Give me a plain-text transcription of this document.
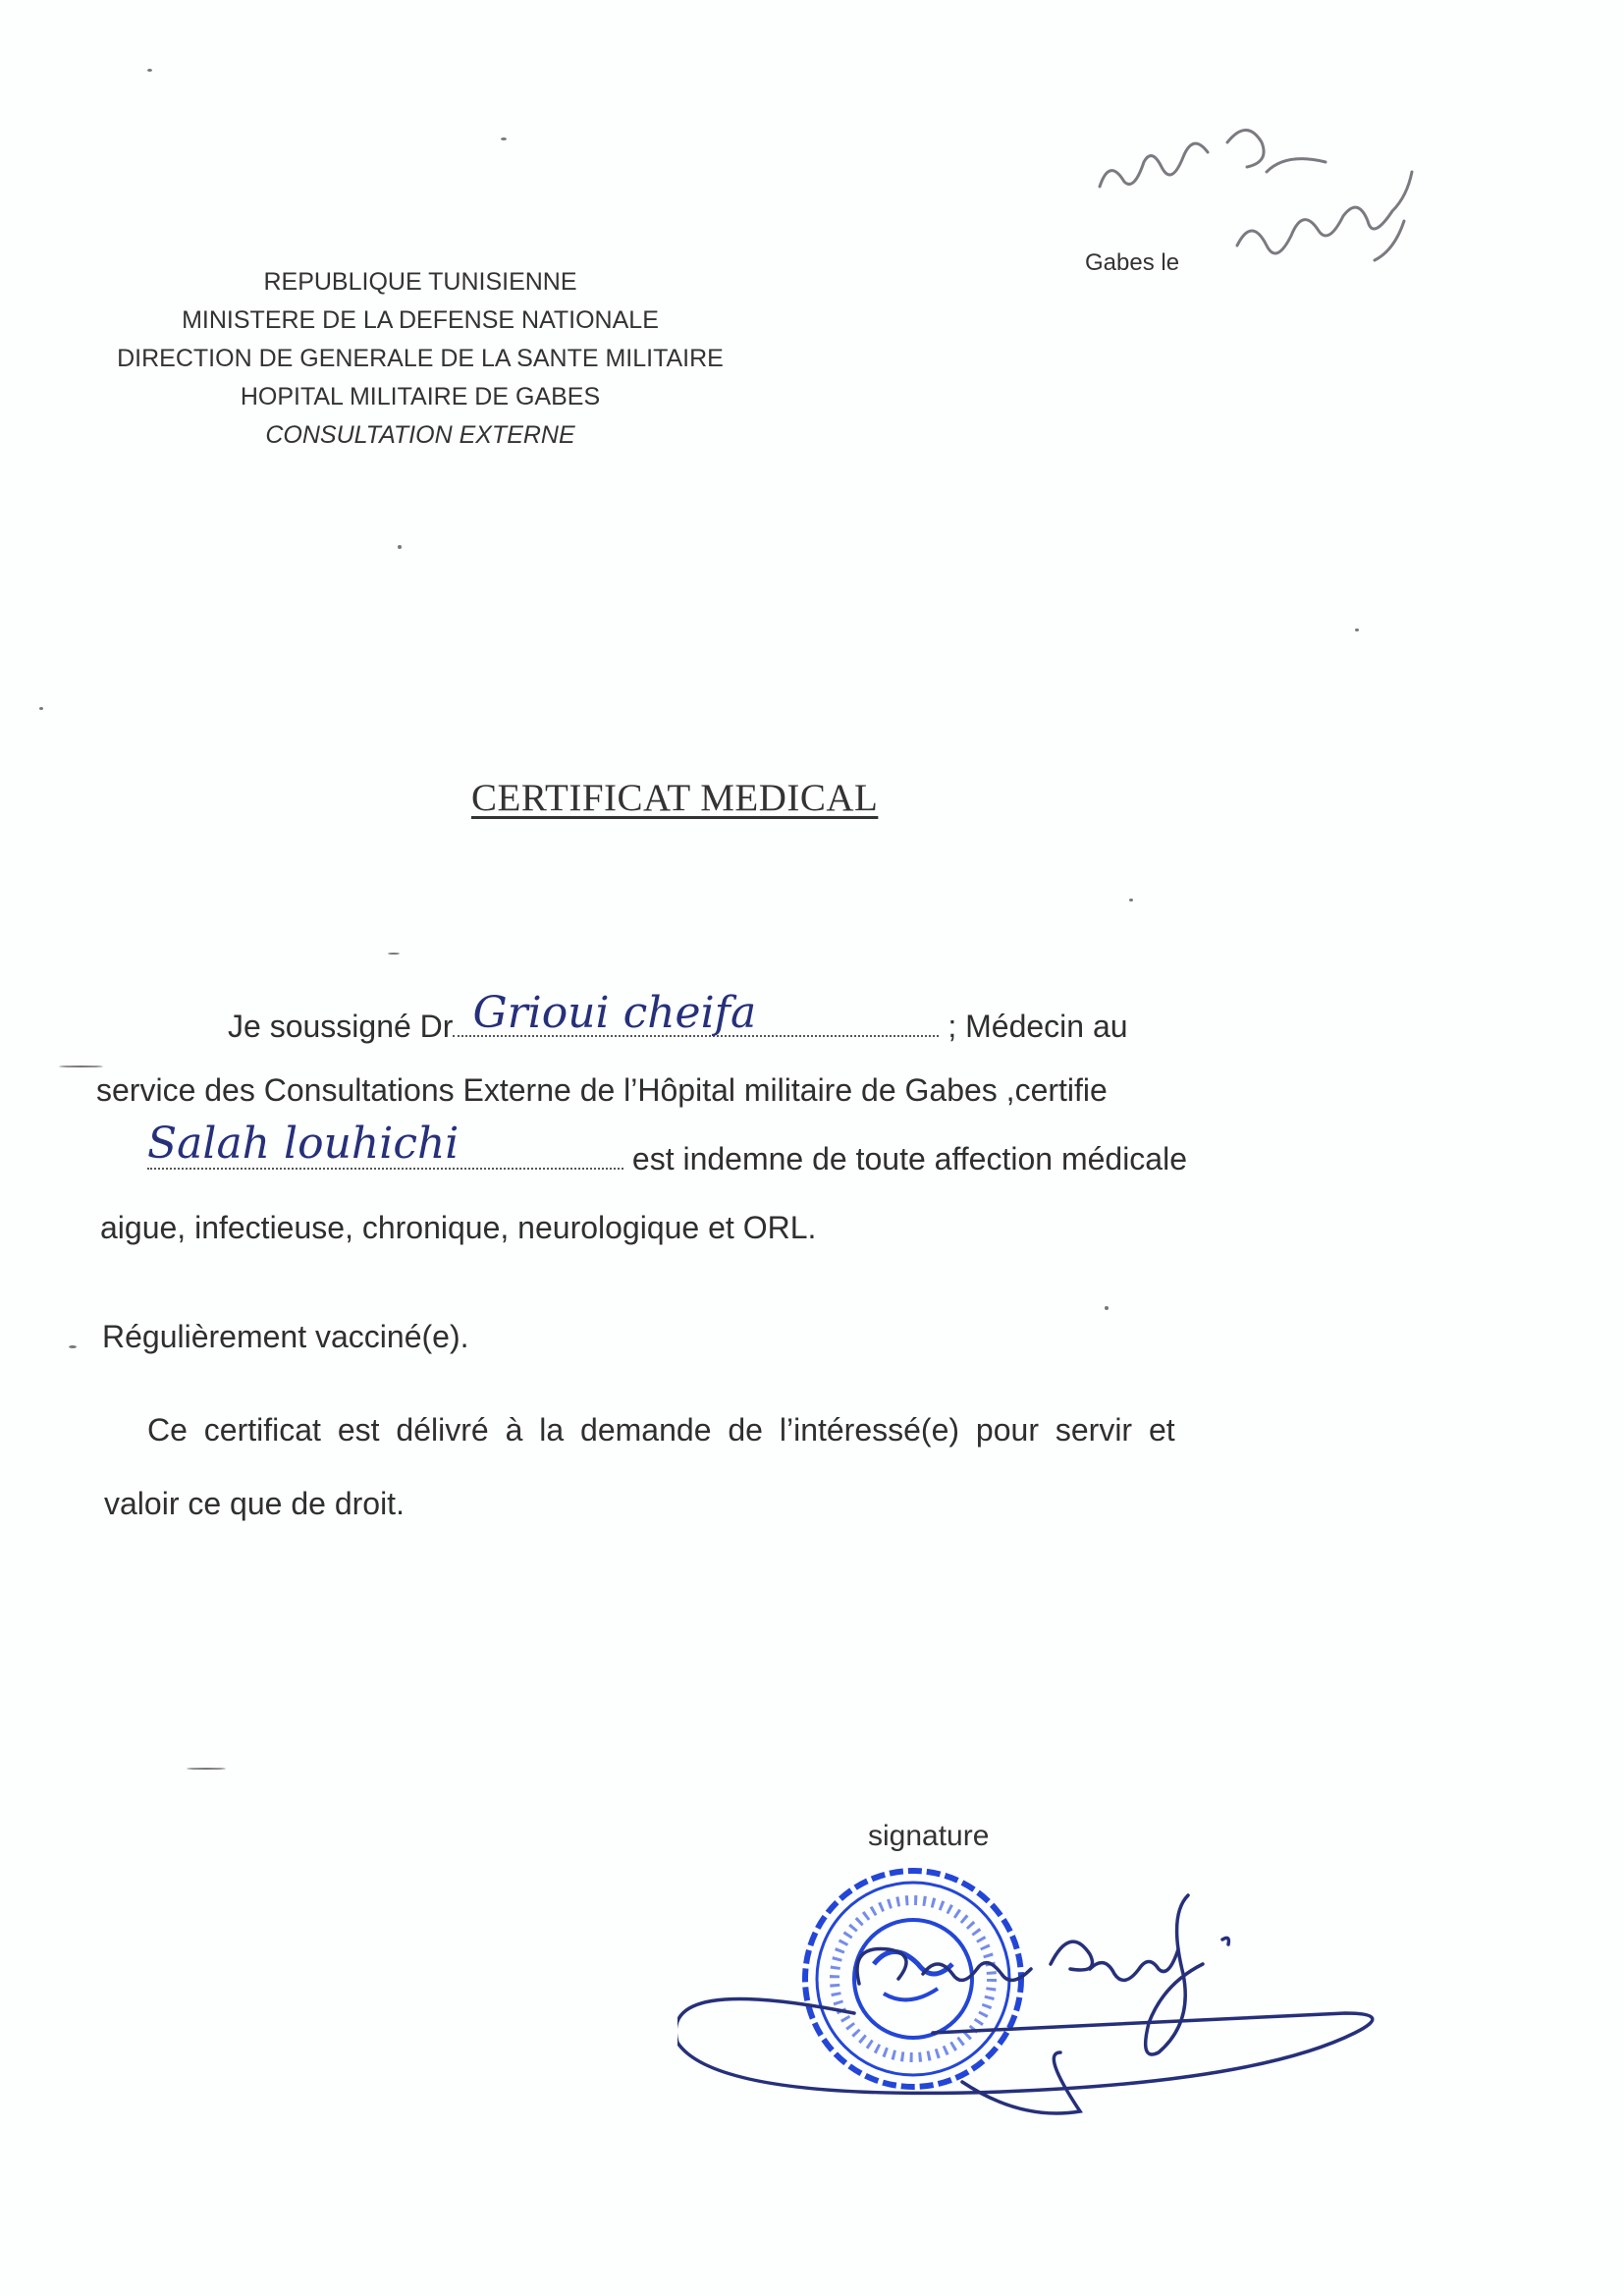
REPUBLIQUE TUNISIENNE
MINISTERE DE LA DEFENSE NATIONALE
DIRECTION DE GENERALE DE LA SANTE MILITAIRE
HOPITAL MILITAIRE DE GABES
CONSULTATION EXTERNE
Gabes le
CERTIFICAT MEDICAL
Je soussigné Dr Grioui cheifa	; Médecin au
service des Consultations Externe de l’Hôpital militaire de Gabes ,certifie
Salah louhichi	est indemne de toute affection médicale
aigue, infectieuse, chronique, neurologique et ORL.
Régulièrement vacciné(e).
Ce certificat est délivré à la demande de l’intéressé(e) pour servir et
valoir ce que de droit.
signature
